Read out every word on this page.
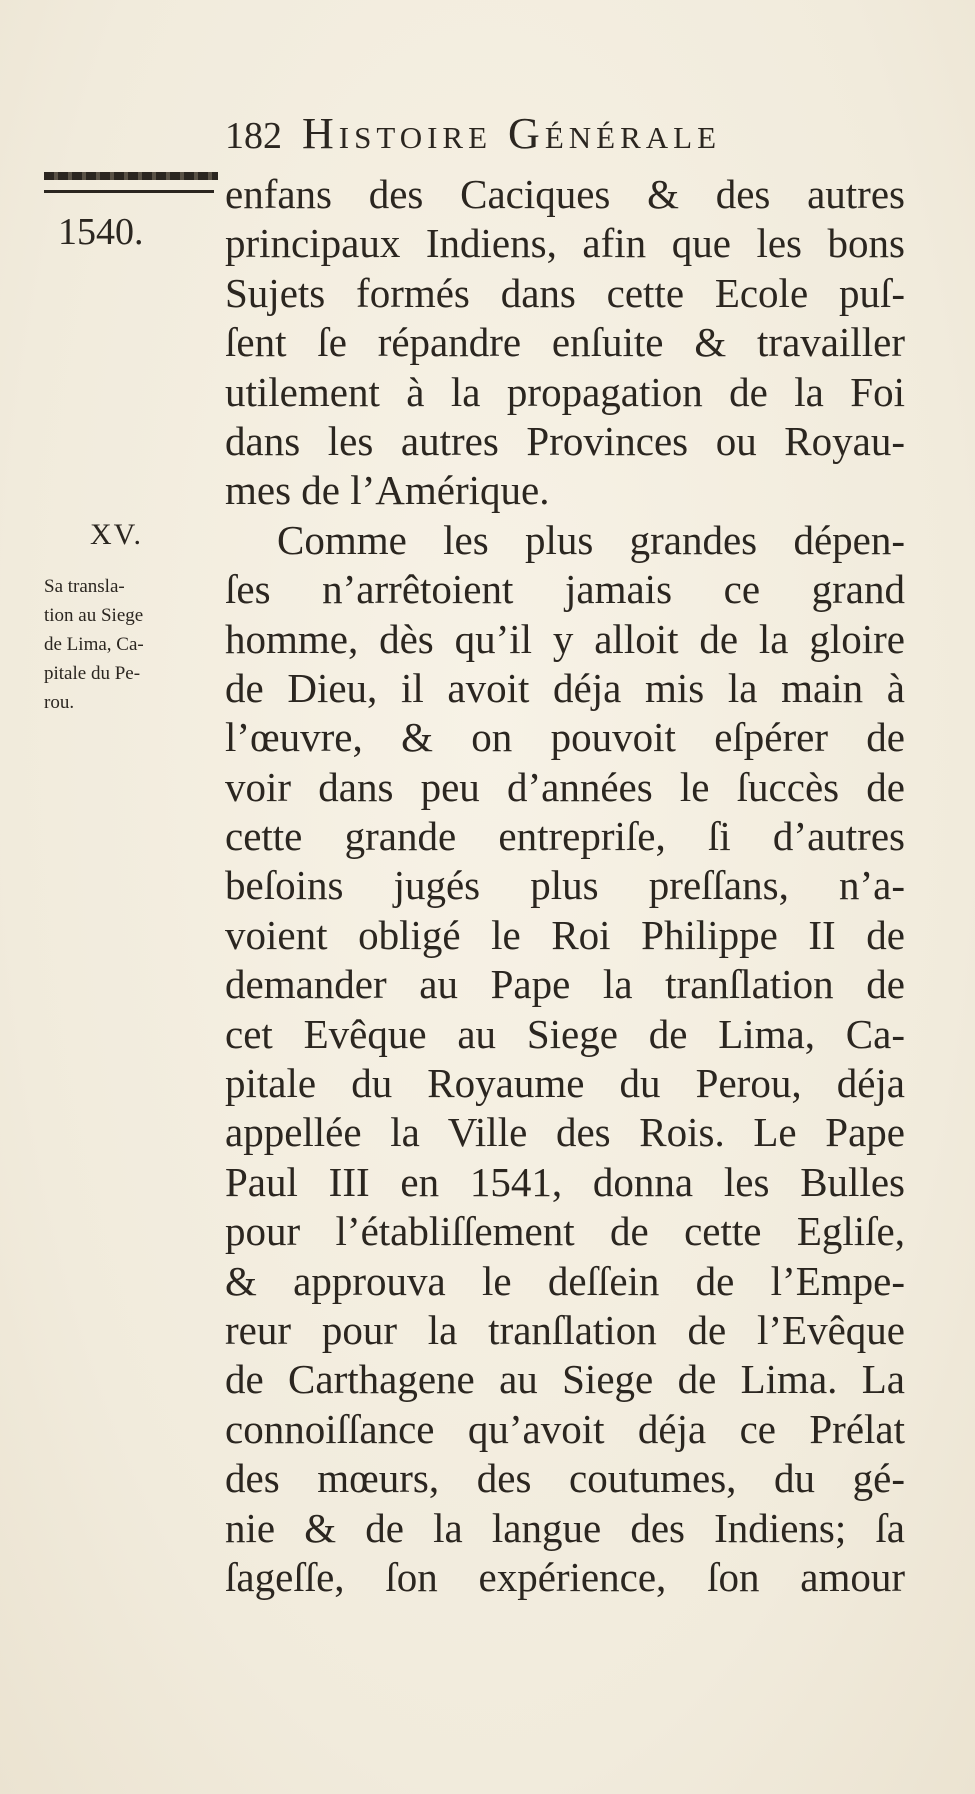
182 Histoire Générale
1540.
XV.
Sa transla-
tion au Siege
de Lima, Ca-
pitale du Pe-
rou.
enfans des Caciques & des autres
principaux Indiens, afin que les bons
Sujets formés dans cette Ecole puſ-
ſent ſe répandre enſuite & travailler
utilement à la propagation de la Foi
dans les autres Provinces ou Royau-
mes de l’Amérique.
Comme les plus grandes dépen-
ſes n’arrêtoient jamais ce grand
homme, dès qu’il y alloit de la gloire
de Dieu, il avoit déja mis la main à
l’œuvre, & on pouvoit eſpérer de
voir dans peu d’années le ſuccès de
cette grande entrepriſe, ſi d’autres
beſoins jugés plus preſſans, n’a-
voient obligé le Roi Philippe II de
demander au Pape la tranſlation de
cet Evêque au Siege de Lima, Ca-
pitale du Royaume du Perou, déja
appellée la Ville des Rois. Le Pape
Paul III en 1541, donna les Bulles
pour l’établiſſement de cette Egliſe,
& approuva le deſſein de l’Empe-
reur pour la tranſlation de l’Evêque
de Carthagene au Siege de Lima. La
connoiſſance qu’avoit déja ce Prélat
des mœurs, des coutumes, du gé-
nie & de la langue des Indiens; ſa
ſageſſe, ſon expérience, ſon amour
